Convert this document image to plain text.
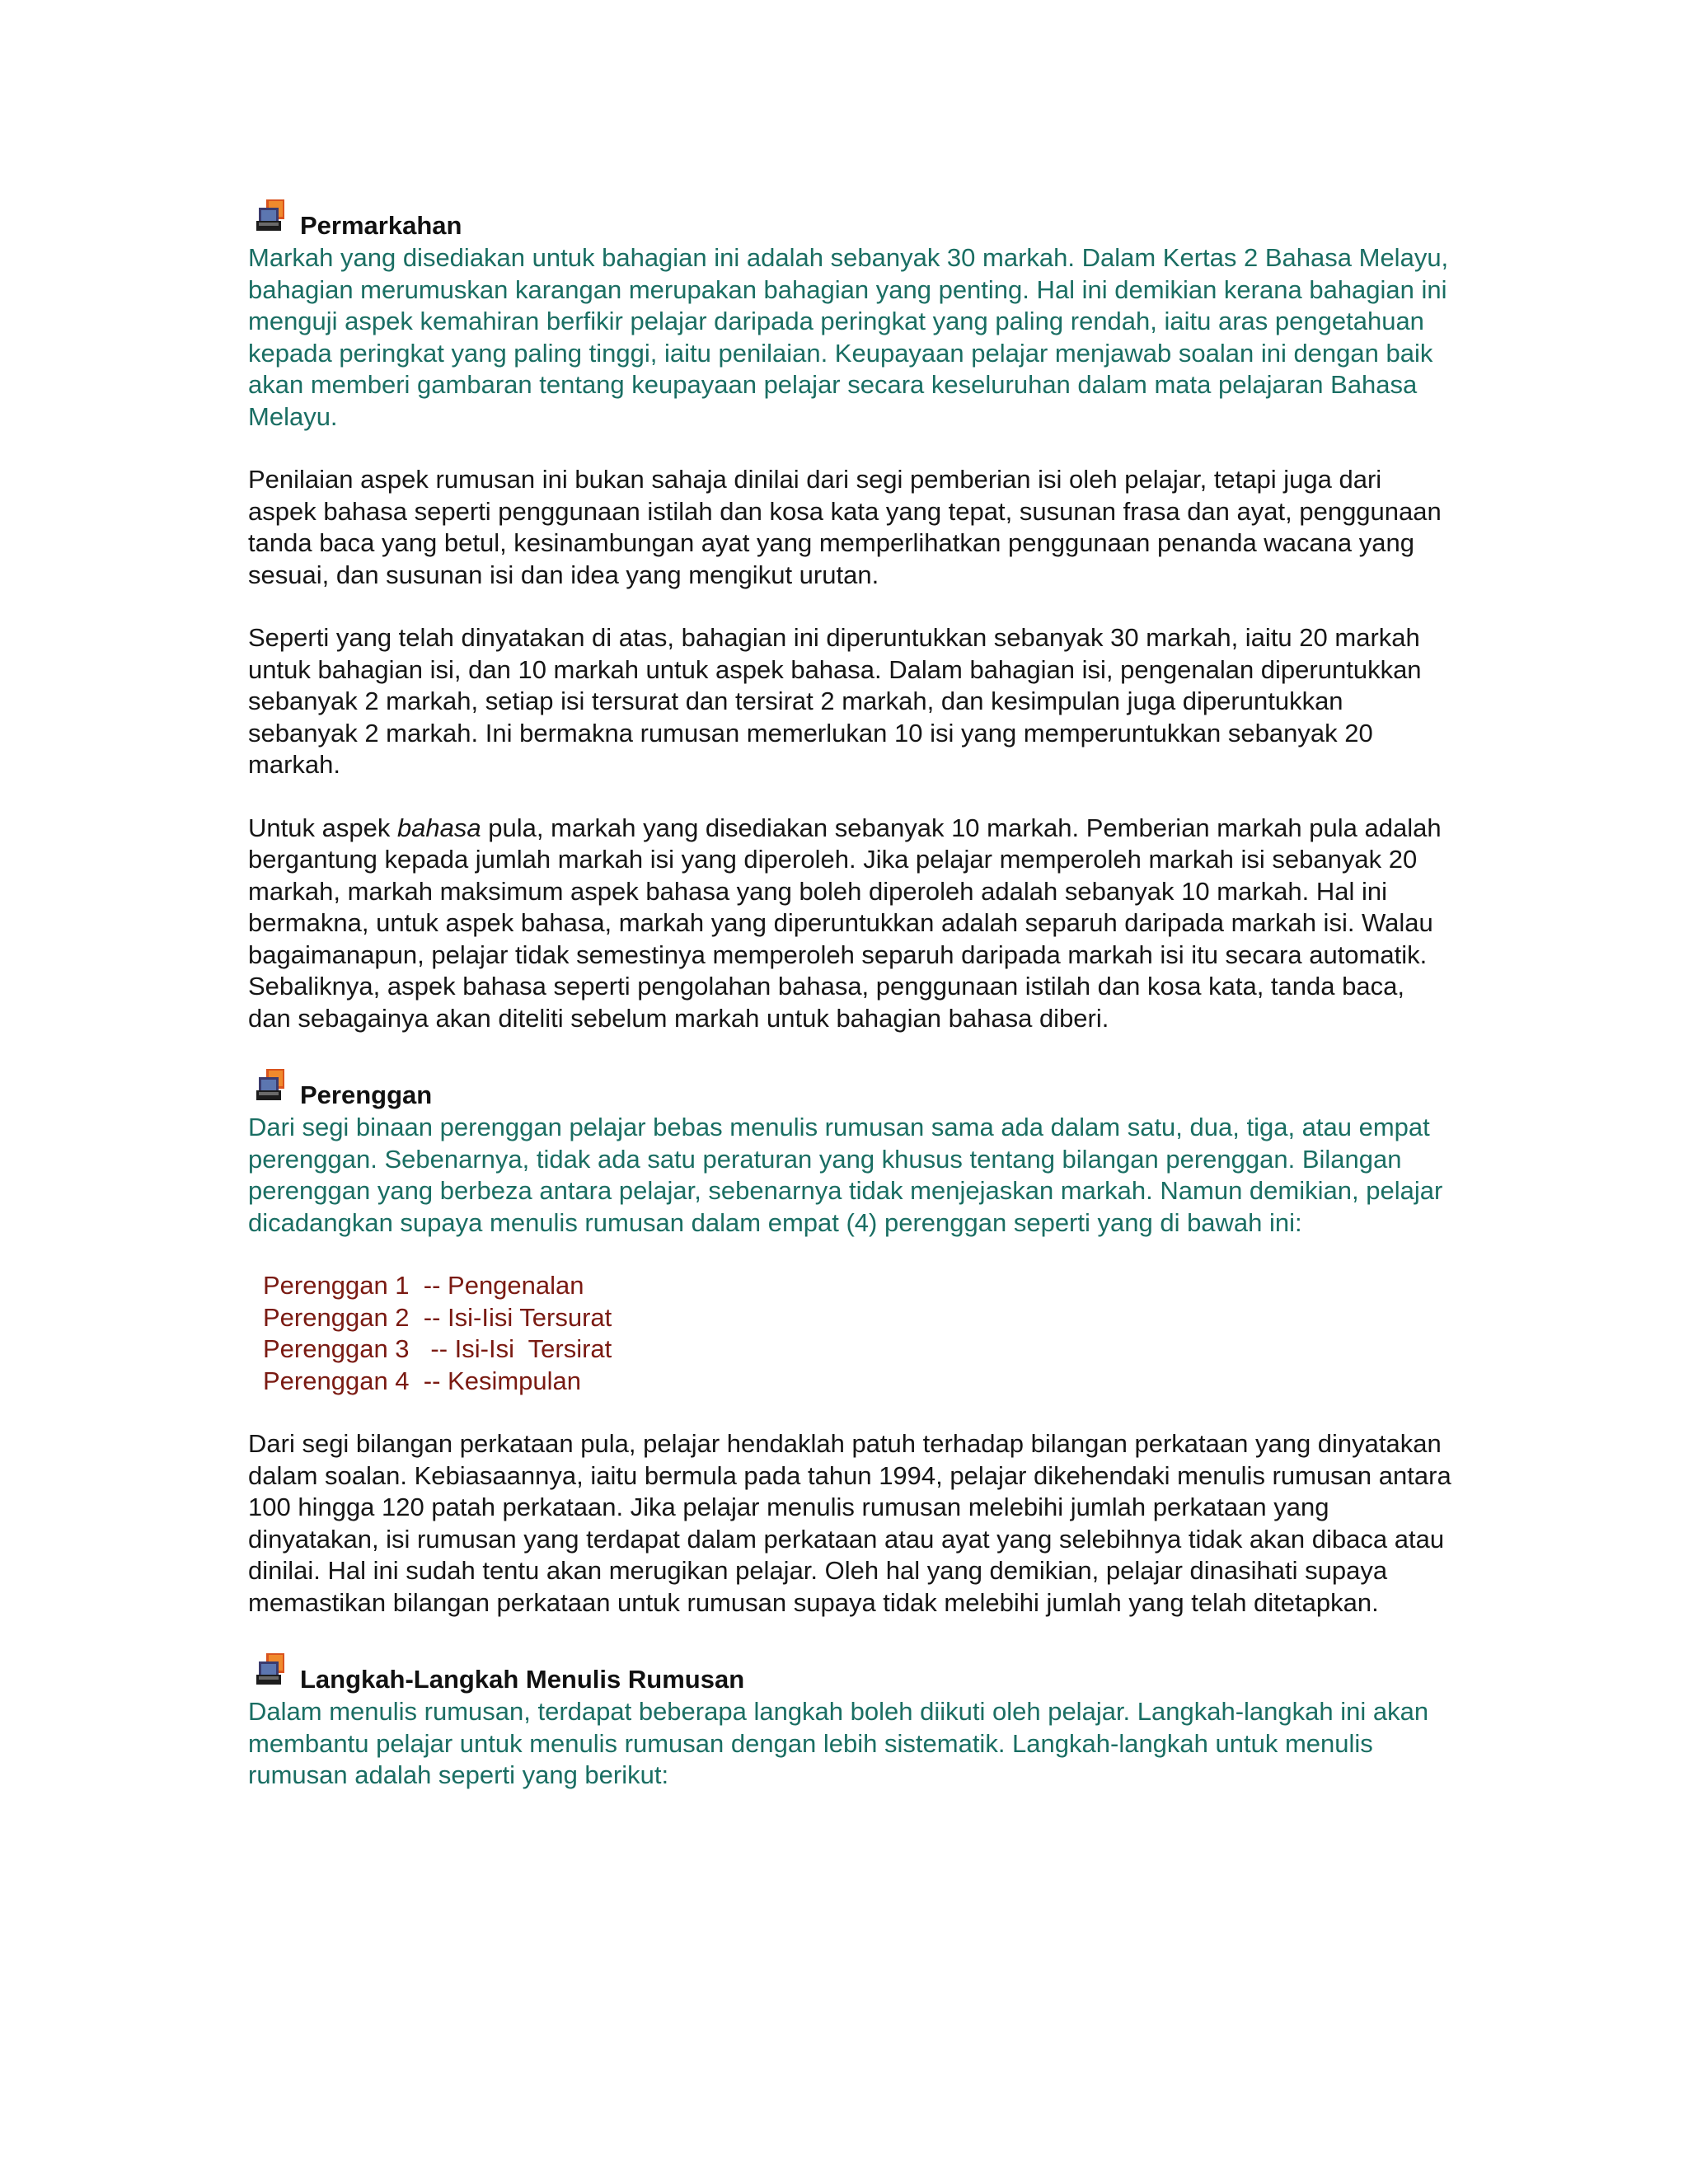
Permarkahan

Markah yang disediakan untuk bahagian ini adalah sebanyak 30 markah. Dalam Kertas 2 Bahasa Melayu, bahagian merumuskan karangan merupakan bahagian yang penting. Hal ini demikian kerana bahagian ini menguji aspek kemahiran berfikir pelajar daripada peringkat yang paling rendah, iaitu aras pengetahuan kepada peringkat yang paling tinggi, iaitu penilaian. Keupayaan pelajar menjawab soalan ini dengan baik akan memberi gambaran tentang keupayaan pelajar secara keseluruhan dalam mata pelajaran Bahasa Melayu.

Penilaian aspek rumusan ini bukan sahaja dinilai dari segi pemberian isi oleh pelajar, tetapi juga dari aspek bahasa seperti penggunaan istilah dan kosa kata yang tepat, susunan frasa dan ayat, penggunaan tanda baca yang betul, kesinambungan ayat yang memperlihatkan penggunaan penanda wacana yang sesuai, dan susunan isi dan idea yang mengikut urutan.

Seperti yang telah dinyatakan di atas, bahagian ini diperuntukkan sebanyak 30 markah, iaitu 20 markah untuk bahagian isi, dan 10 markah untuk aspek bahasa. Dalam bahagian isi, pengenalan diperuntukkan sebanyak 2 markah, setiap isi tersurat dan tersirat 2 markah, dan kesimpulan juga diperuntukkan sebanyak 2 markah. Ini bermakna rumusan memerlukan 10 isi yang memperuntukkan sebanyak 20 markah.

Untuk aspek bahasa pula, markah yang disediakan sebanyak 10 markah. Pemberian markah pula adalah bergantung kepada jumlah markah isi yang diperoleh. Jika pelajar memperoleh markah isi sebanyak 20 markah, markah maksimum aspek bahasa yang boleh diperoleh adalah sebanyak 10 markah. Hal ini bermakna, untuk aspek bahasa, markah yang diperuntukkan adalah separuh daripada markah isi. Walau bagaimanapun, pelajar tidak semestinya memperoleh separuh daripada markah isi itu secara automatik. Sebaliknya, aspek bahasa seperti pengolahan bahasa, penggunaan istilah dan kosa kata, tanda baca, dan sebagainya akan diteliti sebelum markah untuk bahagian bahasa diberi.

Perenggan

Dari segi binaan perenggan pelajar bebas menulis rumusan sama ada dalam satu, dua, tiga, atau empat perenggan. Sebenarnya, tidak ada satu peraturan yang khusus tentang bilangan perenggan. Bilangan perenggan yang berbeza antara pelajar, sebenarnya tidak menjejaskan markah. Namun demikian, pelajar dicadangkan supaya menulis rumusan dalam empat (4) perenggan seperti yang di bawah ini:

Perenggan 1  -- Pengenalan
Perenggan 2  -- Isi-Iisi Tersurat
Perenggan 3   -- Isi-Isi  Tersirat
Perenggan 4  -- Kesimpulan

Dari segi bilangan perkataan pula, pelajar hendaklah patuh terhadap bilangan perkataan yang dinyatakan dalam soalan. Kebiasaannya, iaitu bermula pada tahun 1994, pelajar dikehendaki menulis rumusan antara 100 hingga 120 patah perkataan. Jika pelajar menulis rumusan melebihi jumlah perkataan yang dinyatakan, isi rumusan yang terdapat dalam perkataan atau ayat yang selebihnya tidak akan dibaca atau dinilai. Hal ini sudah tentu akan merugikan pelajar. Oleh hal yang demikian, pelajar dinasihati supaya memastikan bilangan perkataan untuk rumusan supaya tidak melebihi jumlah yang telah ditetapkan.

Langkah-Langkah Menulis Rumusan

Dalam menulis rumusan, terdapat beberapa langkah boleh diikuti oleh pelajar. Langkah-langkah ini akan membantu pelajar untuk menulis rumusan dengan lebih sistematik. Langkah-langkah untuk menulis rumusan adalah seperti yang berikut:
